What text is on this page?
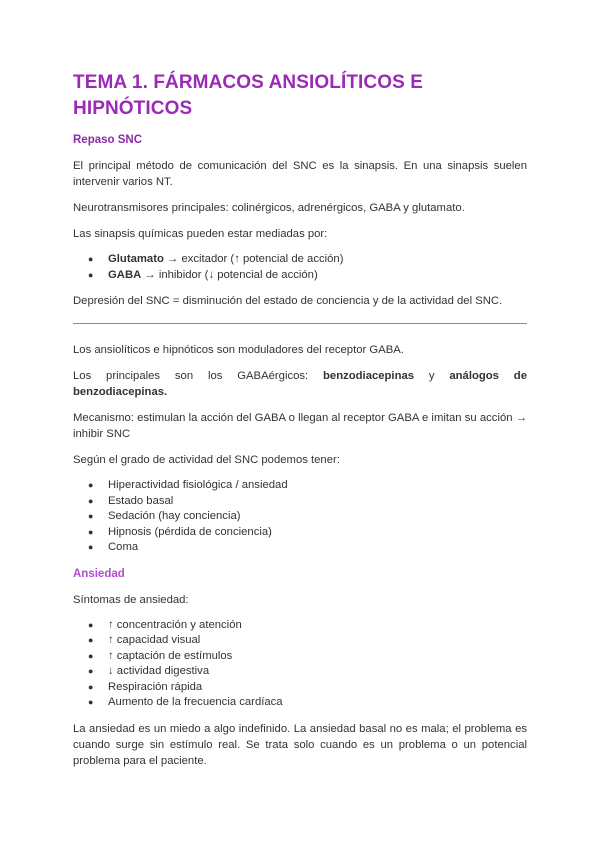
TEMA 1. FÁRMACOS ANSIOLÍTICOS E HIPNÓTICOS
Repaso SNC

El principal método de comunicación del SNC es la sinapsis. En una sinapsis suelen intervenir varios NT.

Neurotransmisores principales: colinérgicos, adrenérgicos, GABA y glutamato.

Las sinapsis químicas pueden estar mediadas por:

● Glutamato → excitador (↑ potencial de acción)
● GABA → inhibidor (↓ potencial de acción)

Depresión del SNC = disminución del estado de conciencia y de la actividad del SNC.

Los ansiolíticos e hipnóticos son moduladores del receptor GABA.

Los principales son los GABAérgicos: benzodiacepinas y análogos de benzodiacepinas.

Mecanismo: estimulan la acción del GABA o llegan al receptor GABA e imitan su acción → inhibir SNC

Según el grado de actividad del SNC podemos tener:

● Hiperactividad fisiológica / ansiedad
● Estado basal
● Sedación (hay conciencia)
● Hipnosis (pérdida de conciencia)
● Coma
Ansiedad

Síntomas de ansiedad:

● ↑ concentración y atención
● ↑ capacidad visual
● ↑ captación de estímulos
● ↓ actividad digestiva
● Respiración rápida
● Aumento de la frecuencia cardíaca

La ansiedad es un miedo a algo indefinido. La ansiedad basal no es mala; el problema es cuando surge sin estímulo real. Se trata solo cuando es un problema o un potencial problema para el paciente.
